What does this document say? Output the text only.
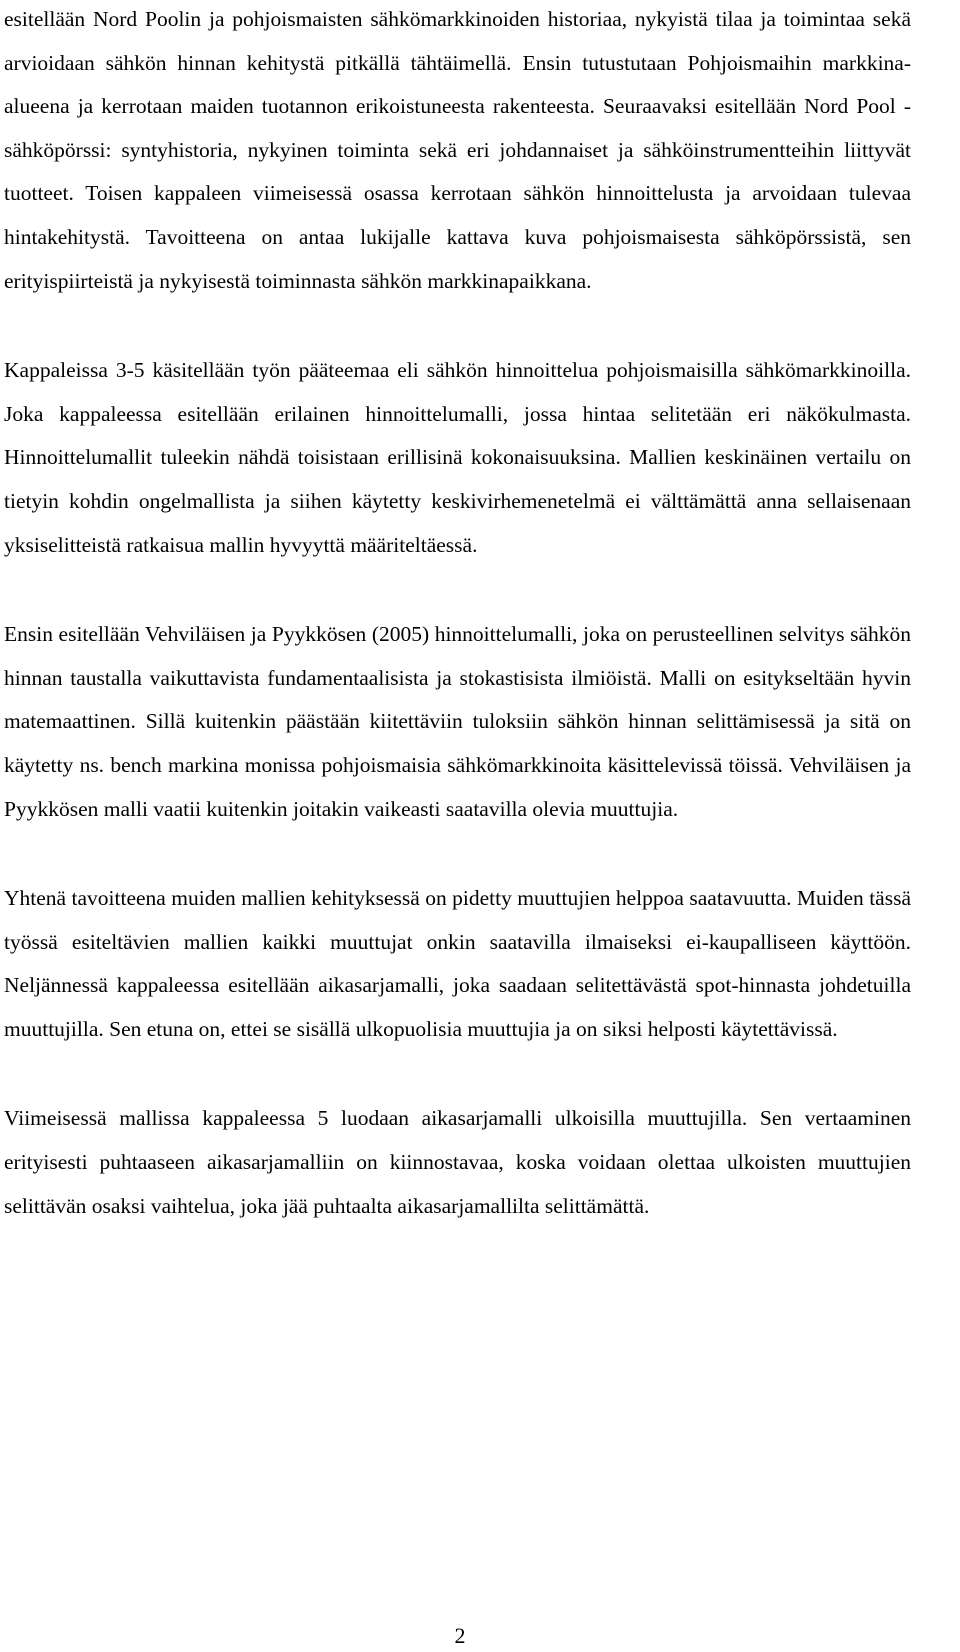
esitellään Nord Poolin ja pohjoismaisten sähkömarkkinoiden historiaa, nykyistä tilaa ja toimintaa sekä arvioidaan sähkön hinnan kehitystä pitkällä tähtäimellä. Ensin tutustutaan Pohjoismaihin markkina-alueena ja kerrotaan maiden tuotannon erikoistuneesta rakenteesta. Seuraavaksi esitellään Nord Pool -sähköpörssi: syntyhistoria, nykyinen toiminta sekä eri johdannaiset ja sähköinstrumentteihin liittyvät tuotteet. Toisen kappaleen viimeisessä osassa kerrotaan sähkön hinnoittelusta ja arvoidaan tulevaa hintakehitystä. Tavoitteena on antaa lukijalle kattava kuva pohjoismaisesta sähköpörssistä, sen erityispiirteistä ja nykyisestä toiminnasta sähkön markkinapaikkana.

Kappaleissa 3-5 käsitellään työn pääteemaa eli sähkön hinnoittelua pohjoismaisilla sähkömarkkinoilla. Joka kappaleessa esitellään erilainen hinnoittelumalli, jossa hintaa selitetään eri näkökulmasta. Hinnoittelumallit tuleekin nähdä toisistaan erillisinä kokonaisuuksina. Mallien keskinäinen vertailu on tietyin kohdin ongelmallista ja siihen käytetty keskivirhemenetelmä ei välttämättä anna sellaisenaan yksiselitteistä ratkaisua mallin hyvyyttä määriteltäessä.

Ensin esitellään Vehviläisen ja Pyykkösen (2005) hinnoittelumalli, joka on perusteellinen selvitys sähkön hinnan taustalla vaikuttavista fundamentaalisista ja stokastisista ilmiöistä. Malli on esitykseltään hyvin matemaattinen. Sillä kuitenkin päästään kiitettäviin tuloksiin sähkön hinnan selittämisessä ja sitä on käytetty ns. bench markina monissa pohjoismaisia sähkömarkkinoita käsittelevissä töissä. Vehviläisen ja Pyykkösen malli vaatii kuitenkin joitakin vaikeasti saatavilla olevia muuttujia.

Yhtenä tavoitteena muiden mallien kehityksessä on pidetty muuttujien helppoa saatavuutta. Muiden tässä työssä esiteltävien mallien kaikki muuttujat onkin saatavilla ilmaiseksi ei-kaupalliseen käyttöön. Neljännessä kappaleessa esitellään aikasarjamalli, joka saadaan selitettävästä spot-hinnasta johdetuilla muuttujilla. Sen etuna on, ettei se sisällä ulkopuolisia muuttujia ja on siksi helposti käytettävissä.

Viimeisessä mallissa kappaleessa 5 luodaan aikasarjamalli ulkoisilla muuttujilla. Sen vertaaminen erityisesti puhtaaseen aikasarjamalliin on kiinnostavaa, koska voidaan olettaa ulkoisten muuttujien selittävän osaksi vaihtelua, joka jää puhtaalta aikasarjamallilta selittämättä.

2
